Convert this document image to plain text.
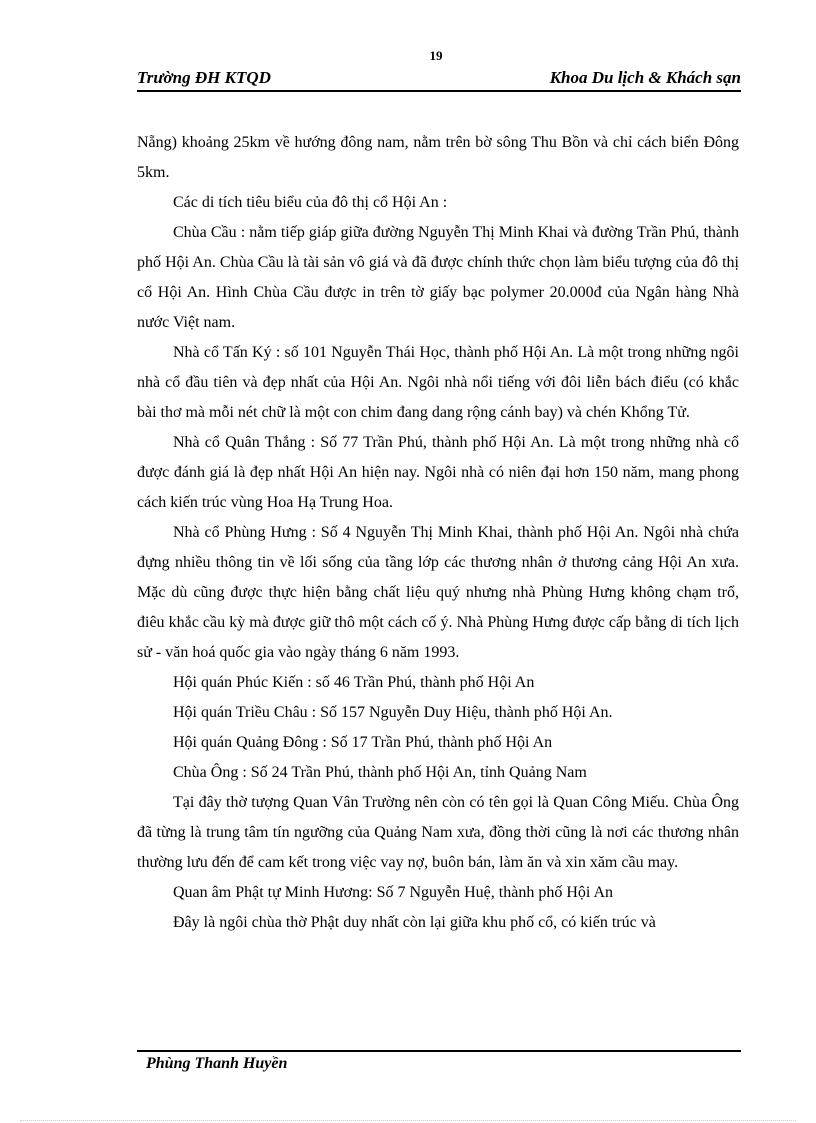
19
Trường ĐH KTQD	Khoa Du lịch & Khách sạn

Nẵng) khoảng 25km về hướng đông nam, nằm trên bờ sông Thu Bồn và chỉ cách biển Đông 5km.

Các di tích tiêu biểu của đô thị cổ Hội An :

Chùa Cầu : nằm tiếp giáp giữa đường Nguyễn Thị Minh Khai và đường Trần Phú, thành phố Hội An. Chùa Cầu là tài sản vô giá và đã được chính thức chọn làm biểu tượng của đô thị cổ Hội An. Hình Chùa Cầu được in trên tờ giấy bạc polymer 20.000đ của Ngân hàng Nhà nước Việt nam.

Nhà cổ Tấn Ký : số 101 Nguyễn Thái Học, thành phố Hội An. Là một trong những ngôi nhà cổ đầu tiên và đẹp nhất của Hội An. Ngôi nhà nổi tiếng với đôi liễn bách điểu (có khắc bài thơ mà mỗi nét chữ là một con chim đang dang rộng cánh bay) và chén Khổng Tử.

Nhà cổ Quân Thắng : Số 77 Trần Phú, thành phố Hội An. Là một trong những nhà cổ được đánh giá là đẹp nhất Hội An hiện nay. Ngôi nhà có niên đại hơn 150 năm, mang phong cách kiến trúc vùng Hoa Hạ Trung Hoa.

Nhà cổ Phùng Hưng : Số 4 Nguyễn Thị Minh Khai, thành phố Hội An. Ngôi nhà chứa đựng nhiều thông tin về lối sống của tầng lớp các thương nhân ở thương cảng Hội An xưa. Mặc dù cũng được thực hiện bằng chất liệu quý nhưng nhà Phùng Hưng không chạm trổ, điêu khắc cầu kỳ mà được giữ thô một cách cố ý. Nhà Phùng Hưng được cấp bằng di tích lịch sử - văn hoá quốc gia vào ngày tháng 6 năm 1993.

Hội quán Phúc Kiến : số 46 Trần Phú, thành phố Hội An

Hội quán Triều Châu : Số 157 Nguyễn Duy Hiệu, thành phố Hội An.

Hội quán Quảng Đông : Số 17 Trần Phú, thành phố Hội An

Chùa Ông : Số 24 Trần Phú, thành phố Hội An, tỉnh Quảng Nam

Tại đây thờ tượng Quan Vân Trường nên còn có tên gọi là Quan Công Miếu. Chùa Ông đã từng là trung tâm tín ngưỡng của Quảng Nam xưa, đồng thời cũng là nơi các thương nhân thường lưu đến để cam kết trong việc vay nợ, buôn bán, làm ăn và xin xăm cầu may.

Quan âm Phật tự Minh Hương: Số 7 Nguyễn Huệ, thành phố Hội An

Đây là ngôi chùa thờ Phật duy nhất còn lại giữa khu phố cổ, có kiến trúc và

Phùng Thanh Huyền
